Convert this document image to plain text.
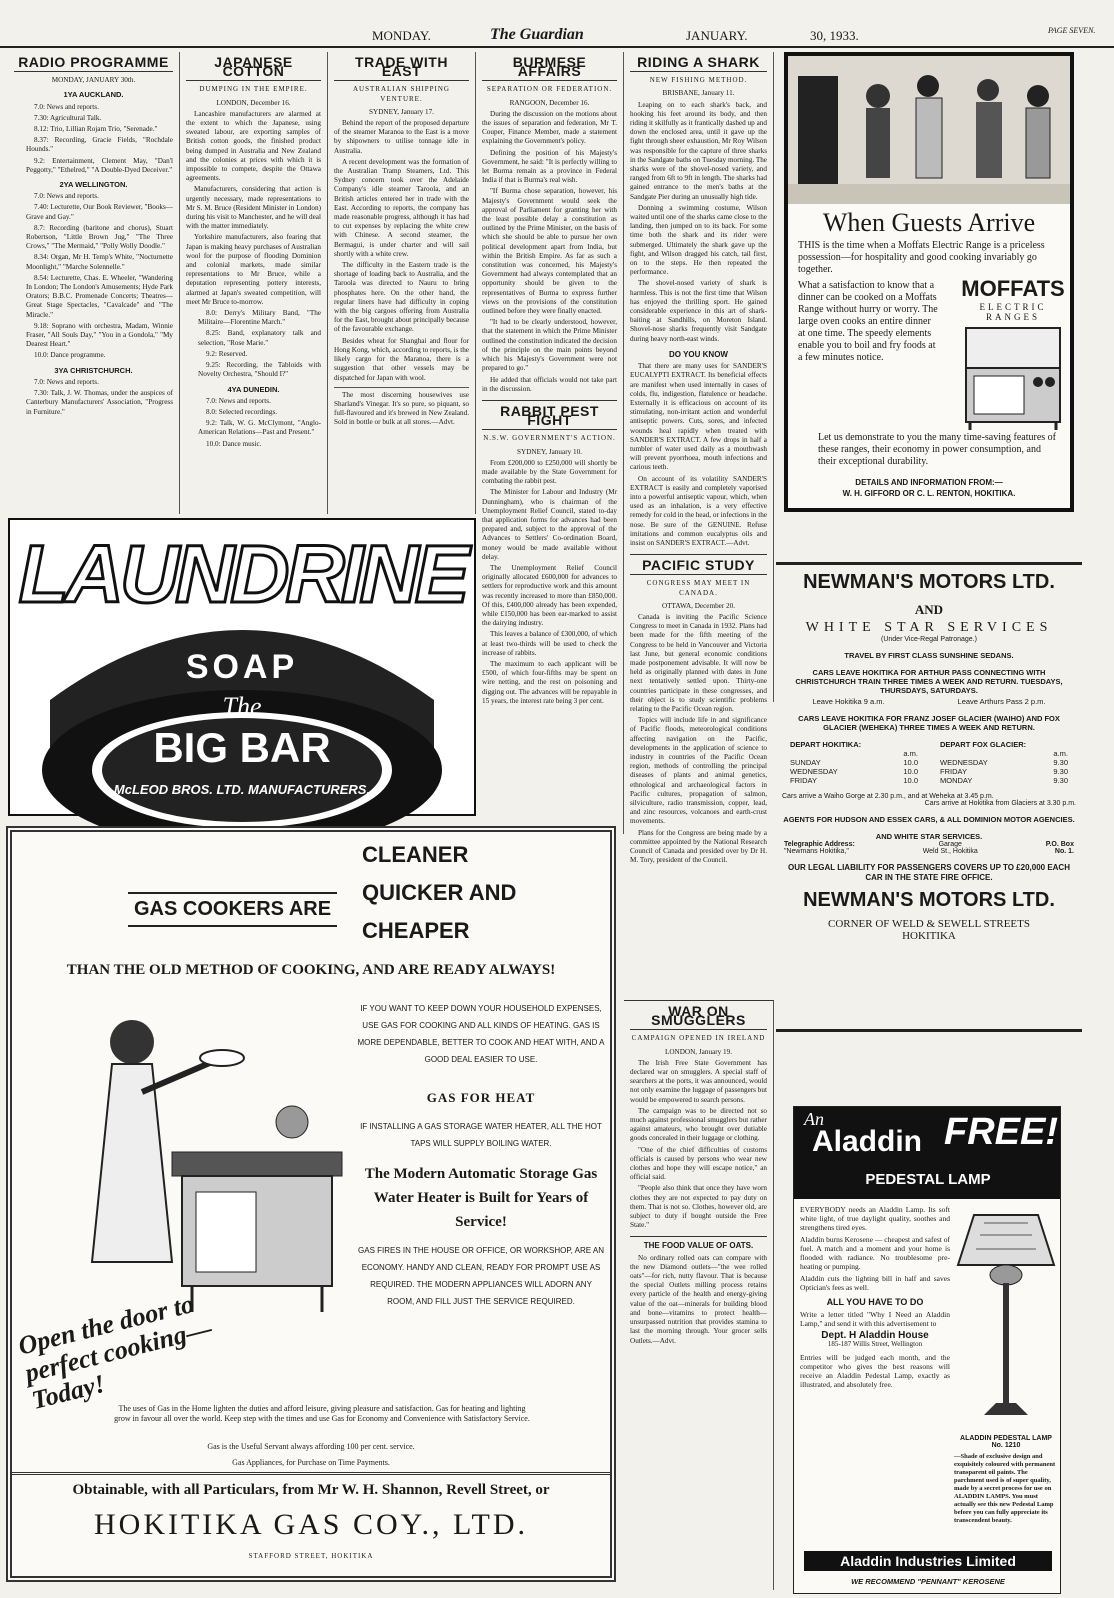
MONDAY.	The Guardian	JANUARY.	30, 1933.	PAGE SEVEN.
RADIO PROGRAMME
MONDAY, JANUARY 30th.
1YA AUCKLAND.

7.0: News and reports.

7.30: Agricultural Talk.

8.12: Trio, Lillian Rojam Trio, "Serenade."

8.37: Recording, Gracie Fields, "Rochdale Hounds."

9.2: Entertainment, Clement May, "Dan'l Peggotty," "Ethelred," "A Double-Dyed Deceiver."

2YA WELLINGTON.

7.0: News and reports.

7.40: Lecturette, Our Book Reviewer, "Books—Grave and Gay."

8.7: Recording (baritone and chorus), Stuart Robertson, "Little Brown Jug," "The Three Crows," "The Mermaid," "Polly Wolly Doodle."

8.34: Organ, Mr H. Temp's White, "Nocturnette Moonlight," "Marche Solennelle."

8.54: Lecturette, Chas. E. Wheeler, "Wandering In London; The London's Amusements; Hyde Park Orators; B.B.C. Promenade Concerts; Theatres—Great Stage Spectacles, "Cavalcade" and "The Miracle."

9.18: Soprano with orchestra, Madam, Winnie Fraser, "All Souls Day," "You in a Gondola," "My Dearest Heart."

10.0: Dance programme.

3YA CHRISTCHURCH.

7.0: News and reports.

7.30: Talk, J. W. Thomas, under the auspices of Canterbury Manufacturers' Association, "Progress in Furniture."

JAPANESE COTTON
DUMPING IN THE EMPIRE.
LONDON, December 16.

Lancashire manufacturers are alarmed at the extent to which the Japanese, using sweated labour, are exporting samples of British cotton goods, the finished product being dumped in Australia and New Zealand and the colonies at prices with which it is impossible to compete, despite the Ottawa agreements.

Manufacturers, considering that action is urgently necessary, made representations to Mr S. M. Bruce (Resident Minister in London) during his visit to Manchester, and he will deal with the matter immediately.

Yorkshire manufacturers, also fearing that Japan is making heavy purchases of Australian wool for the purpose of flooding Dominion and colonial markets, made similar representations to Mr Bruce, while a deputation representing pottery interests, alarmed at Japan's sweated competition, will meet Mr Bruce to-morrow.

8.0: Derry's Military Band, "The Militaire—Florentine March."

8.25: Band, explanatory talk and selection, "Rose Marie."

9.2: Reserved.

9.25: Recording, the Tabloids with Novelty Orchestra, "Should I?"

4YA DUNEDIN.

7.0: News and reports.

8.0: Selected recordings.

9.2: Talk, W. G. McClymont, "Anglo-American Relations—Past and Present."

10.0: Dance music.

TRADE WITH EAST
AUSTRALIAN SHIPPING VENTURE.
SYDNEY, January 17.

Behind the report of the proposed departure of the steamer Maranoa to the East is a move by shipowners to utilise tonnage idle in Australia.

A recent development was the formation of the Australian Tramp Steamers, Ltd. This Sydney concern took over the Adelaide Company's idle steamer Taroola, and an British articles entered her in trade with the East. According to reports, the company has made reasonable progress, although it has had to cut expenses by replacing the white crew with Chinese. A second steamer, the Bermagui, is under charter and will sail shortly with a white crew.

The difficulty in the Eastern trade is the shortage of loading back to Australia, and the Taroola was directed to Nauru to bring phosphates here. On the other hand, the regular liners have had difficulty in coping with the big cargoes offering from Australia for the East, brought about principally because of the favourable exchange.

Besides wheat for Shanghai and flour for Hong Kong, which, according to reports, is the likely cargo for the Maranoa, there is a suggestion that other vessels may be dispatched for Japan with wool.

The most discerning housewives use Sharland's Vinegar. It's so pure, so piquant, so full-flavoured and it's brewed in New Zealand. Sold in bottle or bulk at all stores.—Advt.

BURMESE AFFAIRS
SEPARATION OR FEDERATION.
RANGOON, December 16.

During the discussion on the motions about the issues of separation and federation, Mr T. Couper, Finance Member, made a statement explaining the Government's policy.

Defining the position of his Majesty's Government, he said: "It is perfectly willing to let Burma remain as a province in Federal India if that is Burma's real wish.

"If Burma chose separation, however, his Majesty's Government would seek the approval of Parliament for granting her with the least possible delay a constitution as outlined by the Prime Minister, on the basis of which she should be able to pursue her own political development apart from India, but within the British Empire. As far as such a constitution was concerned, his Majesty's Government had always contemplated that an opportunity should be given to the representatives of Burma to express further views on the provisions of the constitution outlined before they were finally enacted.

"It had to be clearly understood, however, that the statement in which the Prime Minister outlined the constitution indicated the decision of the principle on the main points beyond which his Majesty's Government were not prepared to go."

He added that officials would not take part in the discussion.

RABBIT PEST FIGHT
N.S.W. GOVERNMENT'S ACTION.
SYDNEY, January 10.

From £200,000 to £250,000 will shortly be made available by the State Government for combating the rabbit pest.

The Minister for Labour and Industry (Mr Dunningham), who is chairman of the Unemployment Relief Council, stated to-day that application forms for advances had been prepared and, subject to the approval of the Advances to Settlers' Co-ordination Board, money would be made available without delay.

The Unemployment Relief Council originally allocated £600,000 for advances to settlers for reproductive work and this amount was recently increased to more than £850,000. Of this, £400,000 already has been expended, while £150,000 has been ear-marked to assist the dairying industry.

This leaves a balance of £300,000, of which at least two-thirds will be used to check the increase of rabbits.

The maximum to each applicant will be £500, of which four-fifths may be spent on wire netting, and the rest on poisoning and digging out. The advances will be repayable in 15 years, the interest rate being 3 per cent.

RIDING A SHARK
NEW FISHING METHOD.
BRISBANE, January 11.

Leaping on to each shark's back, and hooking his feet around its body, and then riding it skilfully as it frantically dashed up and down the enclosed area, until it gave up the fight through sheer exhaustion, Mr Roy Wilson was responsible for the capture of three sharks in the Sandgate baths on Tuesday morning. The sharks were of the shovel-nosed variety, and ranged from 6ft to 9ft in length. The sharks had gained entrance to the men's baths at the Sandgate Pier during an unusually high tide.

Donning a swimming costume, Wilson waited until one of the sharks came close to the landing, then jumped on to its back. For some time both the shark and its rider were submerged. Ultimately the shark gave up the fight, and Wilson dragged his catch, tail first, on to the steps. He then repeated the performance.

The shovel-nosed variety of shark is harmless. This is not the first time that Wilson has enjoyed the thrilling sport. He gained considerable experience in this art of shark-baiting at Sandhills, on Moreton Island. Shovel-nose sharks frequently visit Sandgate during heavy north-east winds.

DO YOU KNOW

That there are many uses for SANDER'S EUCALYPTI EXTRACT. Its beneficial effects are manifest when used internally in cases of colds, flu, indigestion, flatulence or headache. Externally it is efficacious on account of its stimulating, non-irritant action and wonderful antiseptic powers. Cuts, sores, and infected wounds heal rapidly when treated with SANDER'S EXTRACT. A few drops in half a tumbler of water used daily as a mouthwash will prevent pyorrhoea, mouth infections and carious teeth.

On account of its volatility SANDER'S EXTRACT is easily and completely vaporised into a powerful antiseptic vapour, which, when used as an inhalation, is a very effective remedy for cold in the head, or infections in the nose. Be sure of the GENUINE. Refuse imitations and common eucalyptus oils and insist on SANDER'S EXTRACT.—Advt.

PACIFIC STUDY
CONGRESS MAY MEET IN CANADA.
OTTAWA, December 20.

Canada is inviting the Pacific Science Congress to meet in Canada in 1932. Plans had been made for the fifth meeting of the Congress to be held in Vancouver and Victoria last June, but general economic conditions made postponement advisable. It will now be held as originally planned with dates in June next tentatively settled upon. Thirty-one countries participate in these congresses, and their object is to study scientific problems relating to the Pacific Ocean region.

Topics will include life in and significance of Pacific floods, meteorological conditions affecting navigation on the Pacific, developments in the application of science to industry in countries of the Pacific Ocean region, methods of controlling the principal diseases of plants and animal genetics, ethnological and archaeological factors in Pacific cultures, propagation of salmon, silviculture, radio transmission, copper, lead, and zinc resources, volcanoes and earth-crust movements.

Plans for the Congress are being made by a committee appointed by the National Research Council of Canada and presided over by Dr H. M. Tory, president of the Council.

WAR ON SMUGGLERS
CAMPAIGN OPENED IN IRELAND
LONDON, January 19.

The Irish Free State Government has declared war on smugglers. A special staff of searchers at the ports, it was announced, would not only examine the luggage of passengers but would be empowered to search persons.

The campaign was to be directed not so much against professional smugglers but rather against amateurs, who brought over dutiable goods concealed in their luggage or clothing.

"One of the chief difficulties of customs officials is caused by persons who wear new clothes and hope they will escape notice," an official said.

"People also think that once they have worn clothes they are not expected to pay duty on them. That is not so. Clothes, however old, are subject to duty if bought outside the Free State."

THE FOOD VALUE OF OATS.

No ordinary rolled oats can compare with the new Diamond outlets—"the wee rolled oats"—for rich, nutty flavour. That is because the special Outlets milling process retains every particle of the health and energy-giving value of the oat—minerals for building blood and bone—vitamins to protect health—unsurpassed nutrition that provides stamina to last the morning through. Your grocer sells Outlets.—Advt.

When Guests Arrive
THIS is the time when a Moffats Electric Range is a priceless possession—for hospitality and good cooking invariably go together.
What a satisfaction to know that a dinner can be cooked on a Moffats Range without hurry or worry. The large oven cooks an entire dinner at one time. The speedy elements enable you to boil and fry foods at a few minutes notice.
MOFFATS
ELECTRIC
RANGES
Let us demonstrate to you the many time-saving features of these ranges, their economy in power consumption, and their exceptional durability.
DETAILS AND INFORMATION FROM:—
W. H. GIFFORD OR C. L. RENTON, HOKITIKA.
NEWMAN'S MOTORS LTD.
AND
WHITE STAR SERVICES
(Under Vice-Regal Patronage.)
TRAVEL BY FIRST CLASS SUNSHINE SEDANS.
CARS LEAVE HOKITIKA FOR ARTHUR PASS CONNECTING WITH CHRISTCHURCH TRAIN THREE TIMES A WEEK AND RETURN. TUESDAYS, THURSDAYS, SATURDAYS.
Leave Hokitika 9 a.m.	Leave Arthurs Pass 2 p.m.
CARS LEAVE HOKITIKA FOR FRANZ JOSEF GLACIER (WAIHO) AND FOX GLACIER (WEHEKA) THREE TIMES A WEEK AND RETURN.
DEPART HOKITIKA:
a.m.
SUNDAY	10.0
WEDNESDAY	10.0
FRIDAY	10.0
DEPART FOX GLACIER:
a.m.
WEDNESDAY	9.30
FRIDAY	9.30
MONDAY	9.30
Cars arrive a Waiho Gorge at 2.30 p.m., and at Weheka at 3.45 p.m.
Cars arrive at Hokitika from Glaciers at 3.30 p.m.
AGENTS FOR HUDSON AND ESSEX CARS, & ALL DOMINION MOTOR AGENCIES.
AND WHITE STAR SERVICES.
Telegraphic Address:
"Newmans Hokitika,"
Garage
Weld St., Hokitika
P.O. Box
No. 1.
OUR LEGAL LIABILITY FOR PASSENGERS COVERS UP TO £20,000 EACH CAR IN THE STATE FIRE OFFICE.
NEWMAN'S MOTORS LTD.
CORNER OF WELD & SEWELL STREETS
HOKITIKA
LAUNDRINE
SOAP
The
BIG BAR
McLEOD BROS. LTD. MANUFACTURERS.
CLEANER
QUICKER AND
CHEAPER
GAS COOKERS ARE
THAN THE OLD METHOD OF COOKING, AND ARE READY ALWAYS!
Open the door to perfect cooking—Today!
IF YOU WANT TO KEEP DOWN YOUR HOUSEHOLD EXPENSES, USE GAS FOR COOKING AND ALL KINDS OF HEATING. GAS IS MORE DEPENDABLE, BETTER TO COOK AND HEAT WITH, AND A GOOD DEAL EASIER TO USE.
GAS FOR HEAT
IF INSTALLING A GAS STORAGE WATER HEATER, ALL THE HOT TAPS WILL SUPPLY BOILING WATER.
The Modern Automatic Storage Gas Water Heater is Built for Years of Service!
GAS FIRES IN THE HOUSE OR OFFICE, OR WORKSHOP, ARE AN ECONOMY. HANDY AND CLEAN, READY FOR PROMPT USE AS REQUIRED. THE MODERN APPLIANCES WILL ADORN ANY ROOM, AND FILL JUST THE SERVICE REQUIRED.
The uses of Gas in the Home lighten the duties and afford leisure, giving pleasure and satisfaction. Gas for heating and lighting grow in favour all over the world. Keep step with the times and use Gas for Economy and Convenience with Satisfactory Service.
Gas is the Useful Servant always affording 100 per cent. service.
Gas Appliances, for Purchase on Time Payments.
Obtainable, with all Particulars, from Mr W. H. Shannon, Revell Street, or
HOKITIKA GAS COY., LTD.
STAFFORD STREET, HOKITIKA
An
Aladdin FREE!
PEDESTAL LAMP

EVERYBODY needs an Aladdin Lamp. Its soft white light, of true daylight quality, soothes and strengthens tired eyes.

Aladdin burns Kerosene — cheapest and safest of fuel. A match and a moment and your home is flooded with radiance. No troublesome pre-heating or pumping.

Aladdin cuts the lighting bill in half and saves Optician's fees as well.

ALL YOU HAVE TO DO

Write a letter titled "Why I Need an Aladdin Lamp," and send it with this advertisement to

Dept. H Aladdin House
185-187 Willis Street, Wellington

Entries will be judged each month, and the competitor who gives the best reasons will receive an Aladdin Pedestal Lamp, exactly as illustrated, and absolutely free.

ALADDIN PEDESTAL LAMP No. 1210
—Shade of exclusive design and exquisitely coloured with permanent transparent oil paints. The parchment used is of super quality, made by a secret process for use on ALADDIN LAMPS. You must actually see this new Pedestal Lamp before you can fully appreciate its transcendent beauty.
Aladdin Industries Limited
WE RECOMMEND "PENNANT" KEROSENE
